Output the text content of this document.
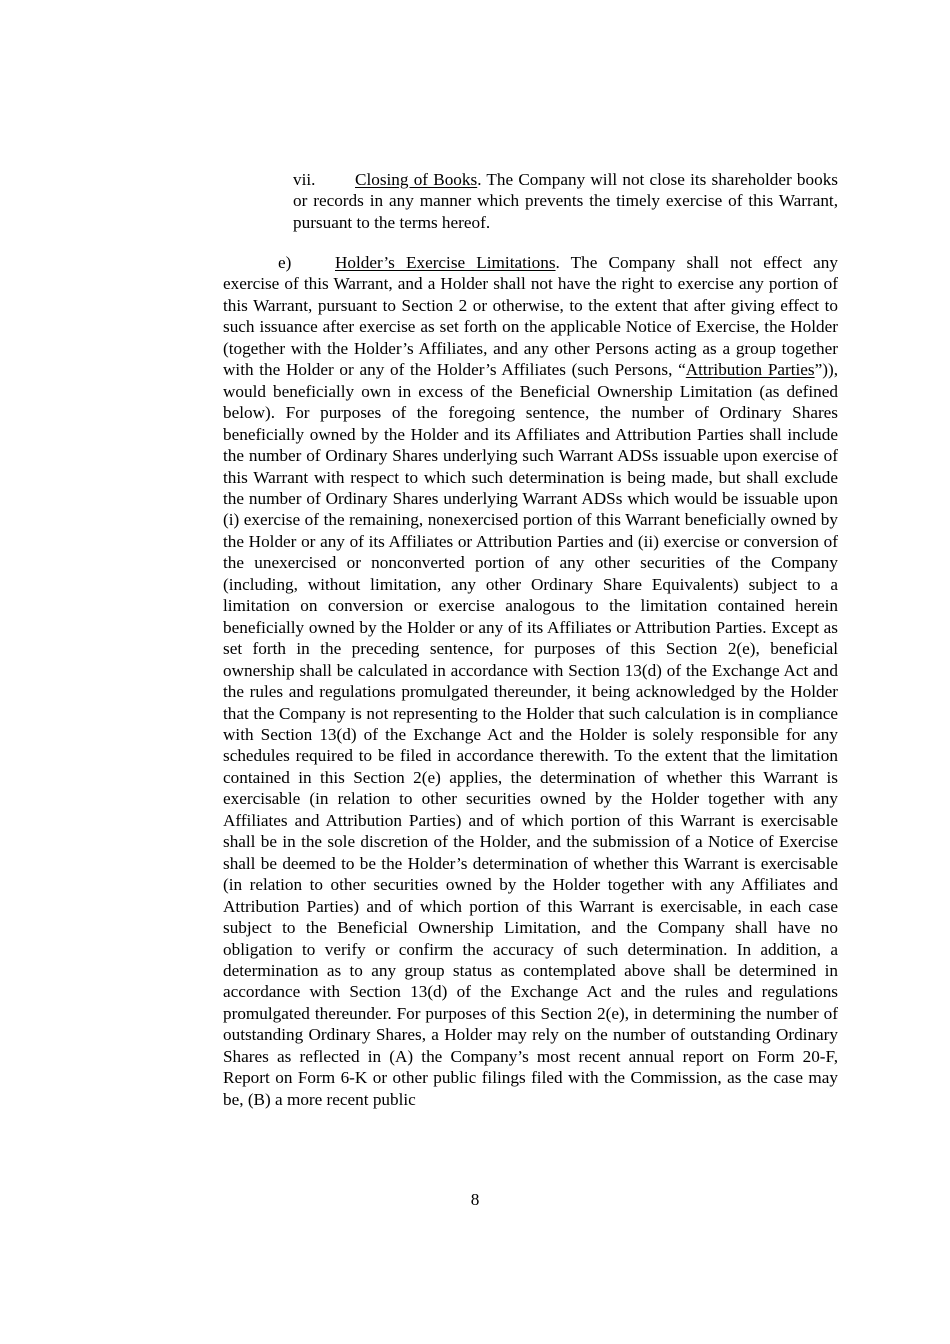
vii. Closing of Books. The Company will not close its shareholder books or records in any manner which prevents the timely exercise of this Warrant, pursuant to the terms hereof.

e)	Holder’s Exercise Limitations. The Company shall not effect any exercise of this Warrant, and a Holder shall not have the right to exercise any portion of this Warrant, pursuant to Section 2 or otherwise, to the extent that after giving effect to such issuance after exercise as set forth on the applicable Notice of Exercise, the Holder (together with the Holder’s Affiliates, and any other Persons acting as a group together with the Holder or any of the Holder’s Affiliates (such Persons, “Attribution Parties”)), would beneficially own in excess of the Beneficial Ownership Limitation (as defined below). For purposes of the foregoing sentence, the number of Ordinary Shares beneficially owned by the Holder and its Affiliates and Attribution Parties shall include the number of Ordinary Shares underlying such Warrant ADSs issuable upon exercise of this Warrant with respect to which such determination is being made, but shall exclude the number of Ordinary Shares underlying Warrant ADSs which would be issuable upon (i) exercise of the remaining, nonexercised portion of this Warrant beneficially owned by the Holder or any of its Affiliates or Attribution Parties and (ii) exercise or conversion of the unexercised or nonconverted portion of any other securities of the Company (including, without limitation, any other Ordinary Share Equivalents) subject to a limitation on conversion or exercise analogous to the limitation contained herein beneficially owned by the Holder or any of its Affiliates or Attribution Parties. Except as set forth in the preceding sentence, for purposes of this Section 2(e), beneficial ownership shall be calculated in accordance with Section 13(d) of the Exchange Act and the rules and regulations promulgated thereunder, it being acknowledged by the Holder that the Company is not representing to the Holder that such calculation is in compliance with Section 13(d) of the Exchange Act and the Holder is solely responsible for any schedules required to be filed in accordance therewith. To the extent that the limitation contained in this Section 2(e) applies, the determination of whether this Warrant is exercisable (in relation to other securities owned by the Holder together with any Affiliates and Attribution Parties) and of which portion of this Warrant is exercisable shall be in the sole discretion of the Holder, and the submission of a Notice of Exercise shall be deemed to be the Holder’s determination of whether this Warrant is exercisable (in relation to other securities owned by the Holder together with any Affiliates and Attribution Parties) and of which portion of this Warrant is exercisable, in each case subject to the Beneficial Ownership Limitation, and the Company shall have no obligation to verify or confirm the accuracy of such determination. In addition, a determination as to any group status as contemplated above shall be determined in accordance with Section 13(d) of the Exchange Act and the rules and regulations promulgated thereunder. For purposes of this Section 2(e), in determining the number of outstanding Ordinary Shares, a Holder may rely on the number of outstanding Ordinary Shares as reflected in (A) the Company’s most recent annual report on Form 20-F, Report on Form 6-K or other public filings filed with the Commission, as the case may be, (B) a more recent public

8
